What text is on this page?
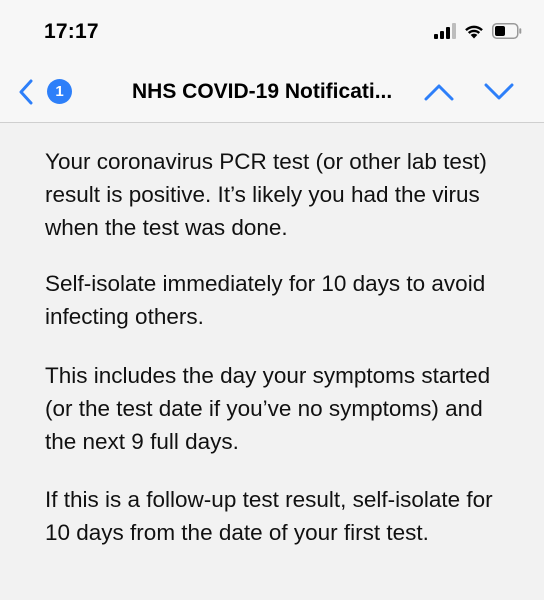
17:17
1	NHS COVID-19 Notificati...

Your coronavirus PCR test (or other lab test) result is positive. It’s likely you had the virus when the test was done.

Self-isolate immediately for 10 days to avoid infecting others.

This includes the day your symptoms started (or the test date if you’ve no symptoms) and the next 9 full days.

If this is a follow-up test result, self-isolate for 10 days from the date of your first test.
